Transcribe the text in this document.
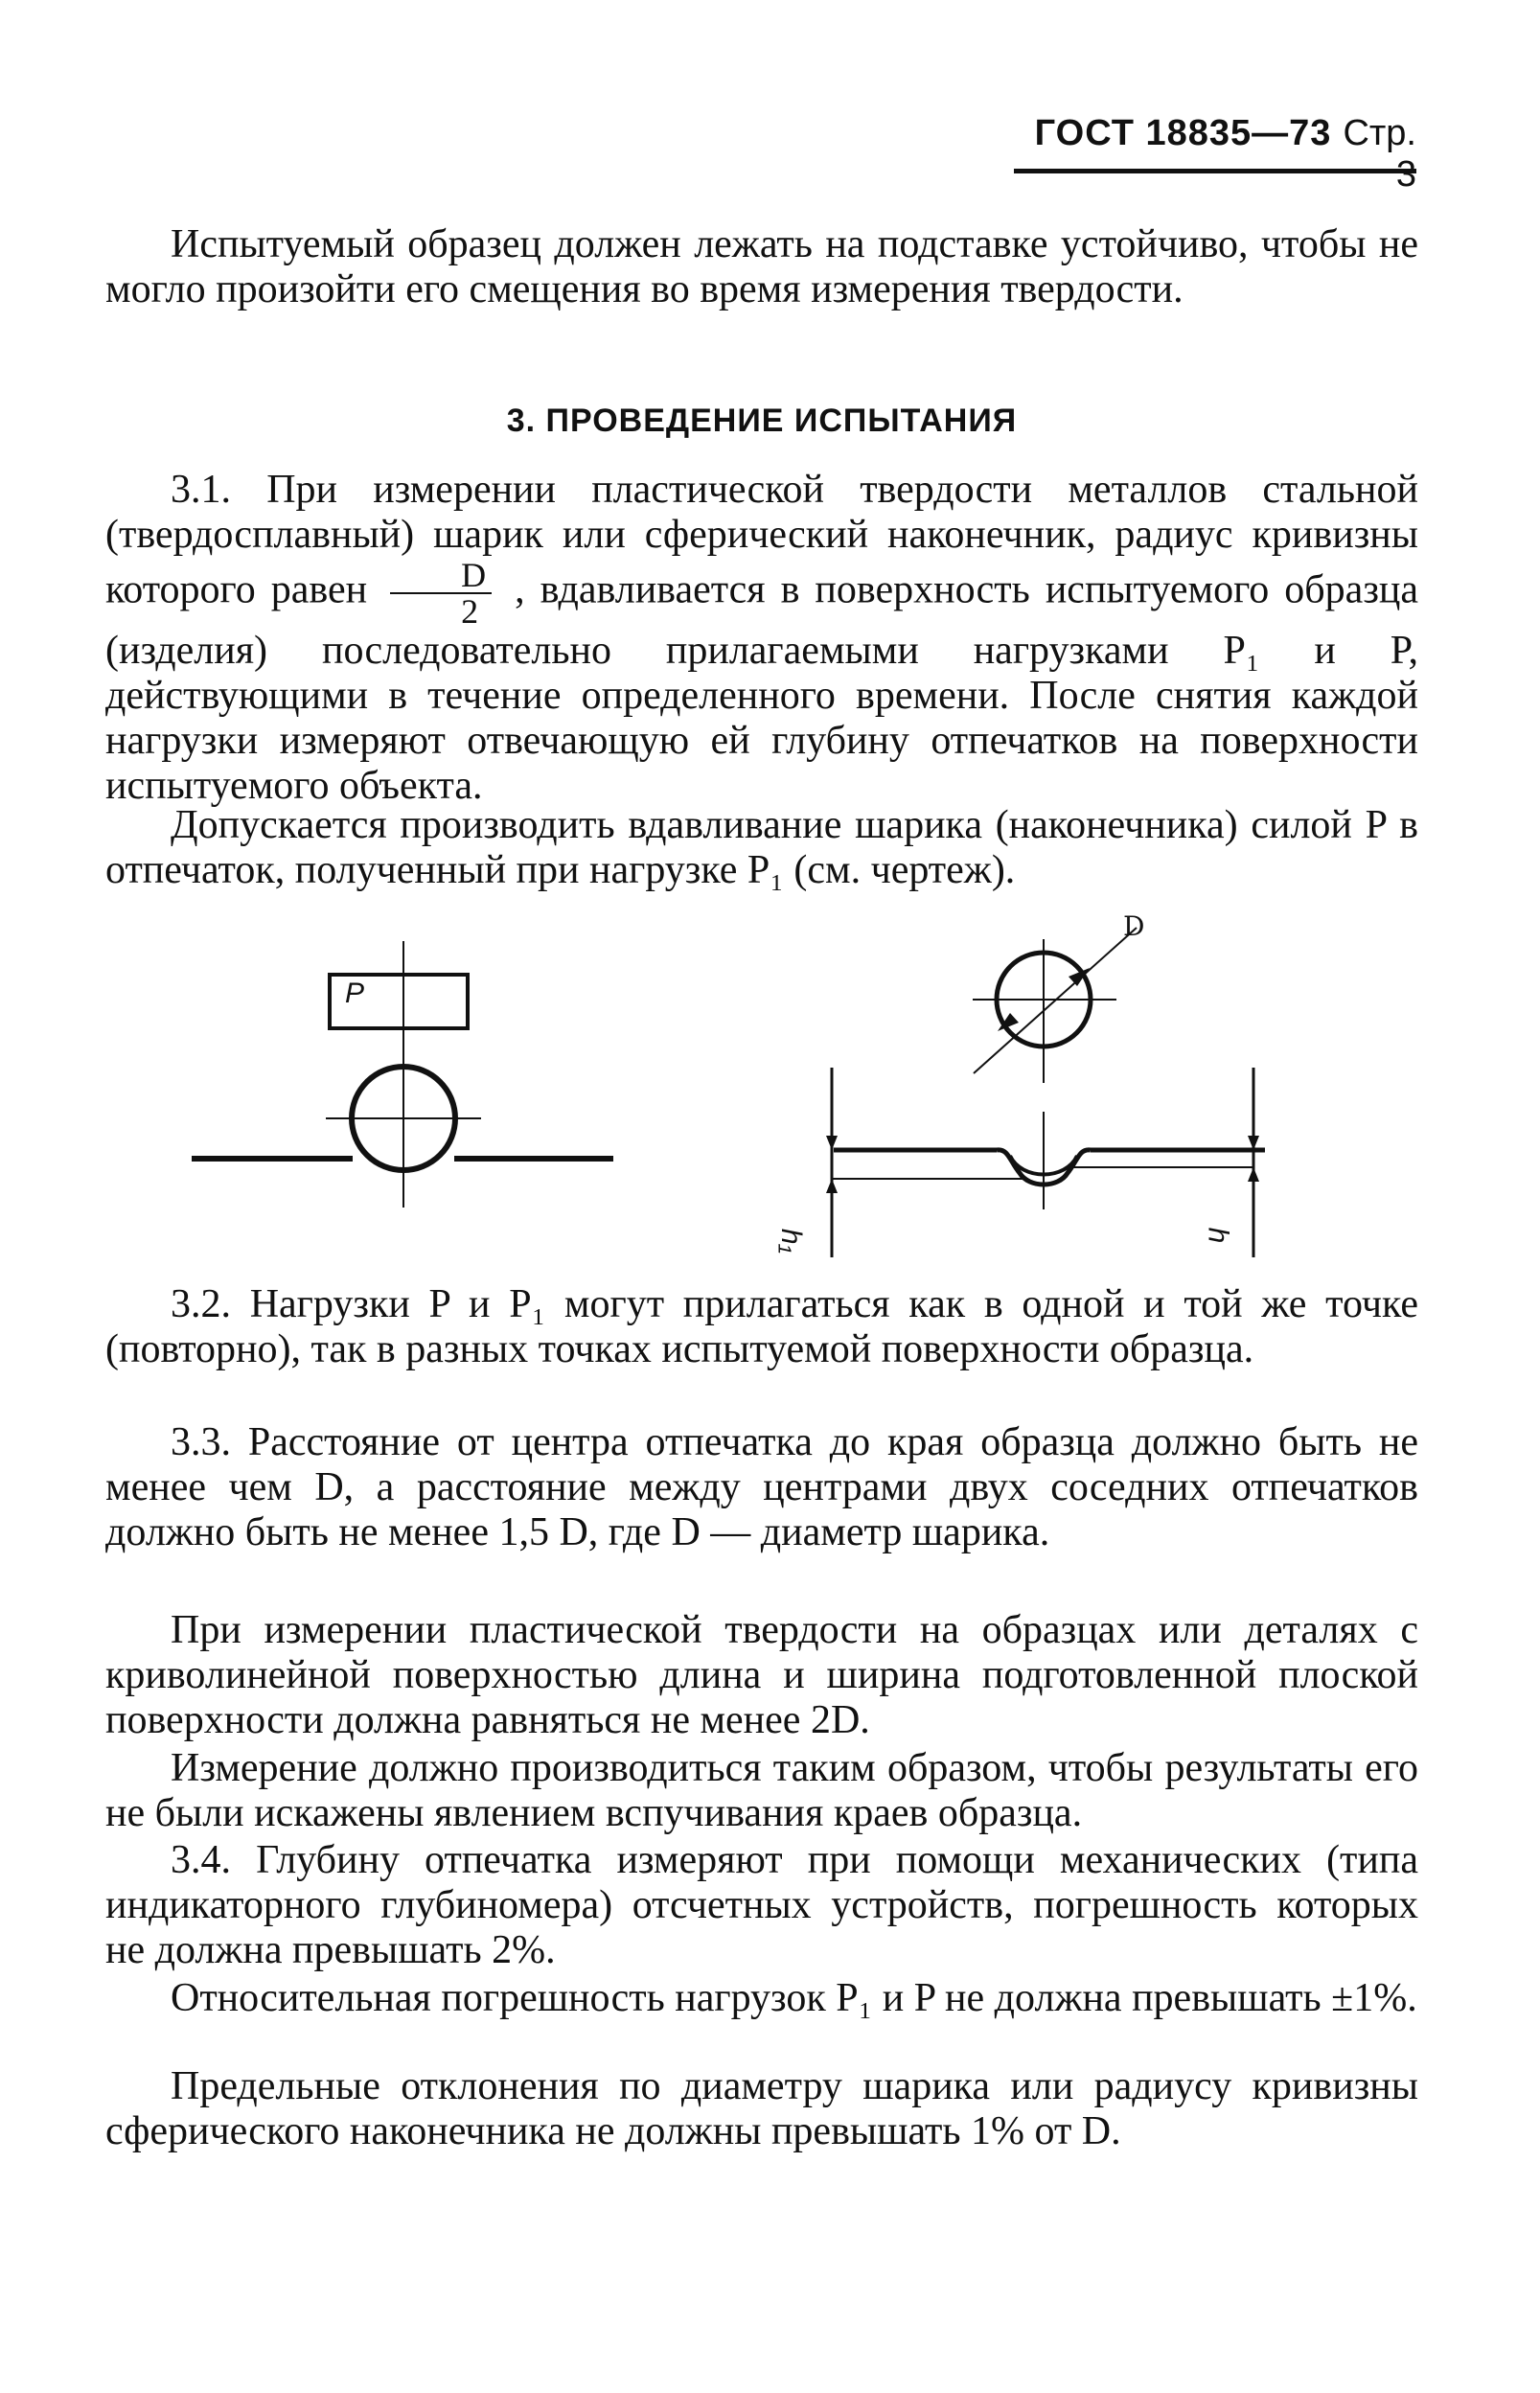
ГОСТ 18835—73 Стр. 3
Испытуемый образец должен лежать на подставке устойчиво, чтобы не могло произойти его смещения во время измерения твердости.
3. ПРОВЕДЕНИЕ ИСПЫТАНИЯ
3.1. При измерении пластической твердости металлов стальной (твердосплавный) шарик или сферический наконечник, радиус кривизны которого равен $\frac{D}{2}$ , вдавливается в поверхность испытуемого образца (изделия) последовательно прилагаемыми нагрузками P₁ и P, действующими в течение определенного времени. После снятия каждой нагрузки измеряют отвечающую ей глубину отпечатков на поверхности испытуемого объекта.
Допускается производить вдавливание шарика (наконечника) силой P в отпечаток, полученный при нагрузке P₁ (см. чертеж).
P
D
h₁	h
3.2. Нагрузки P и P₁ могут прилагаться как в одной и той же точке (повторно), так в разных точках испытуемой поверхности образца.
3.3. Расстояние от центра отпечатка до края образца должно быть не менее чем D, а расстояние между центрами двух соседних отпечатков должно быть не менее 1,5 D, где D — диаметр шарика.
При измерении пластической твердости на образцах или деталях с криволинейной поверхностью длина и ширина подготовленной плоской поверхности должна равняться не менее 2D.
Измерение должно производиться таким образом, чтобы результаты его не были искажены явлением вспучивания краев образца.
3.4. Глубину отпечатка измеряют при помощи механических (типа индикаторного глубиномера) отсчетных устройств, погрешность которых не должна превышать 2%.
Относительная погрешность нагрузок P₁ и P не должна превышать ±1%.
Предельные отклонения по диаметру шарика или радиусу кривизны сферического наконечника не должны превышать 1% от D.
